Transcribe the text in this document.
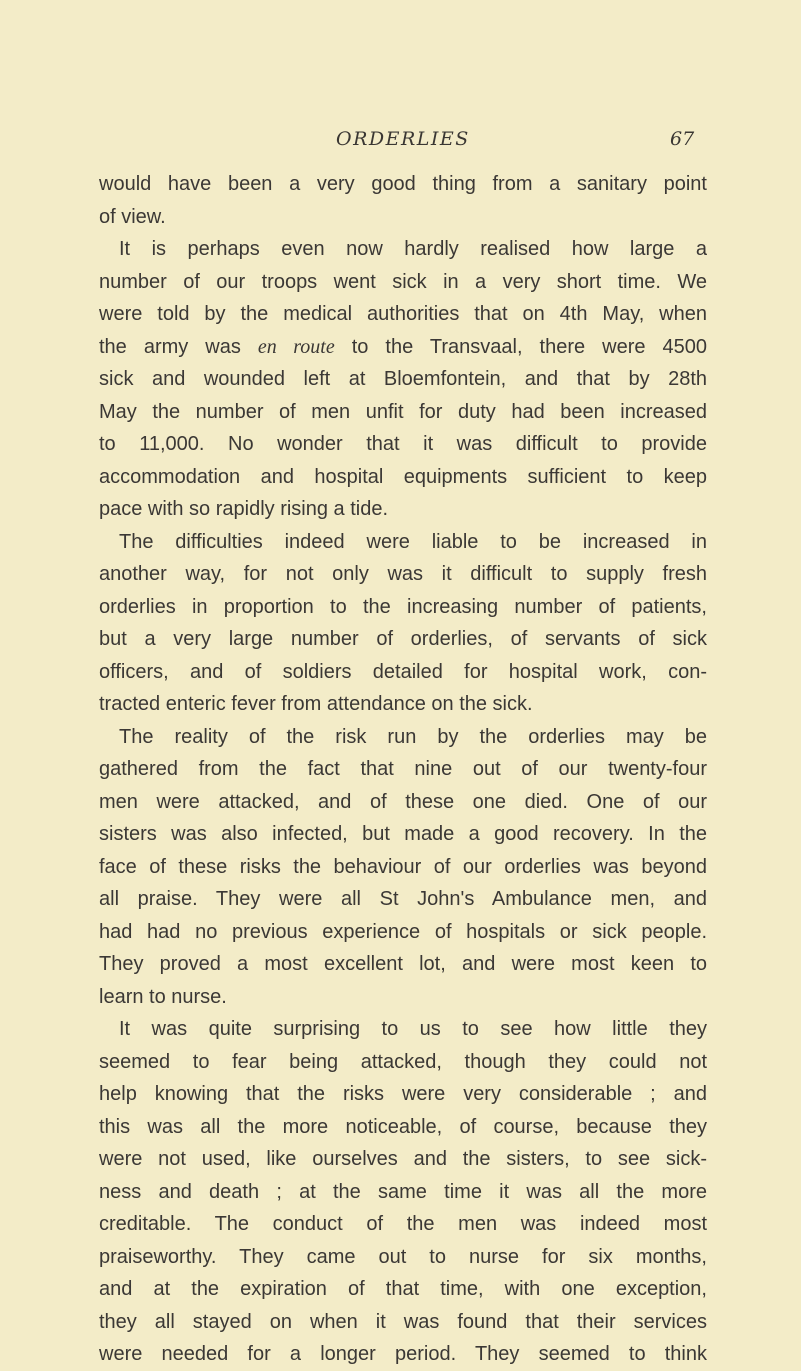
ORDERLIES	67
would have been a very good thing from a sanitary point
of view.
It is perhaps even now hardly realised how large a
number of our troops went sick in a very short time. We
were told by the medical authorities that on 4th May, when
the army was en route to the Transvaal, there were 4500
sick and wounded left at Bloemfontein, and that by 28th
May the number of men unfit for duty had been increased
to 11,000. No wonder that it was difficult to provide
accommodation and hospital equipments sufficient to keep
pace with so rapidly rising a tide.
The difficulties indeed were liable to be increased in
another way, for not only was it difficult to supply fresh
orderlies in proportion to the increasing number of patients,
but a very large number of orderlies, of servants of sick
officers, and of soldiers detailed for hospital work, con-
tracted enteric fever from attendance on the sick.
The reality of the risk run by the orderlies may be
gathered from the fact that nine out of our twenty-four
men were attacked, and of these one died. One of our
sisters was also infected, but made a good recovery. In the
face of these risks the behaviour of our orderlies was beyond
all praise. They were all St John's Ambulance men, and
had had no previous experience of hospitals or sick people.
They proved a most excellent lot, and were most keen to
learn to nurse.
It was quite surprising to us to see how little they
seemed to fear being attacked, though they could not
help knowing that the risks were very considerable ; and
this was all the more noticeable, of course, because they
were not used, like ourselves and the sisters, to see sick-
ness and death ; at the same time it was all the more
creditable. The conduct of the men was indeed most
praiseworthy. They came out to nurse for six months,
and at the expiration of that time, with one exception,
they all stayed on when it was found that their services
were needed for a longer period. They seemed to think
